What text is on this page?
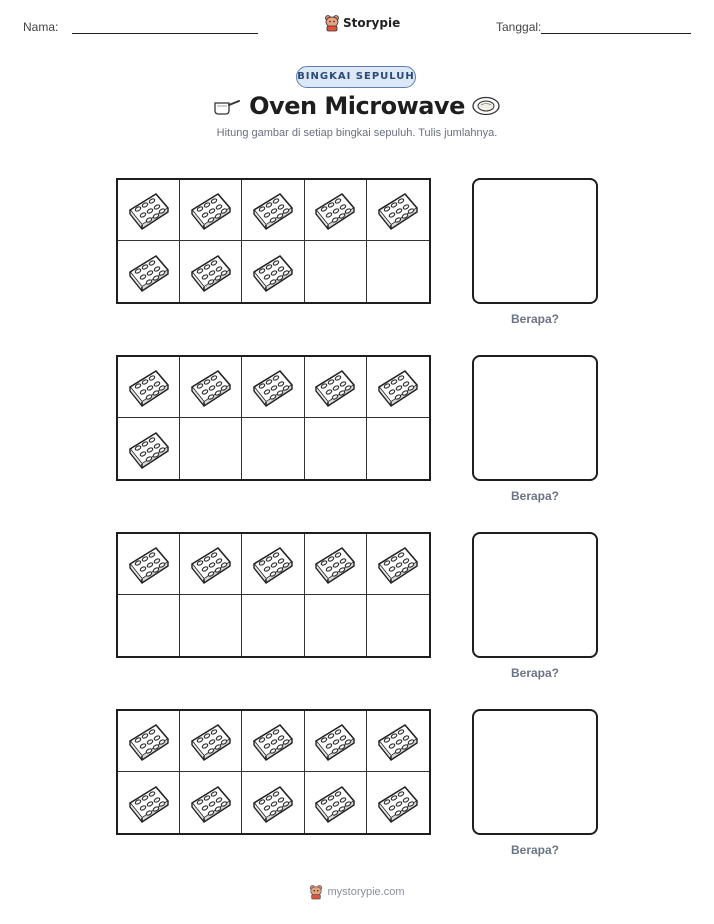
Nama:	Storypie	Tanggal:
BINGKAI SEPULUH
Oven Microwave
Hitung gambar di setiap bingkai sepuluh. Tulis jumlahnya.
Berapa?
Berapa?
Berapa?
Berapa?
mystorypie.com
